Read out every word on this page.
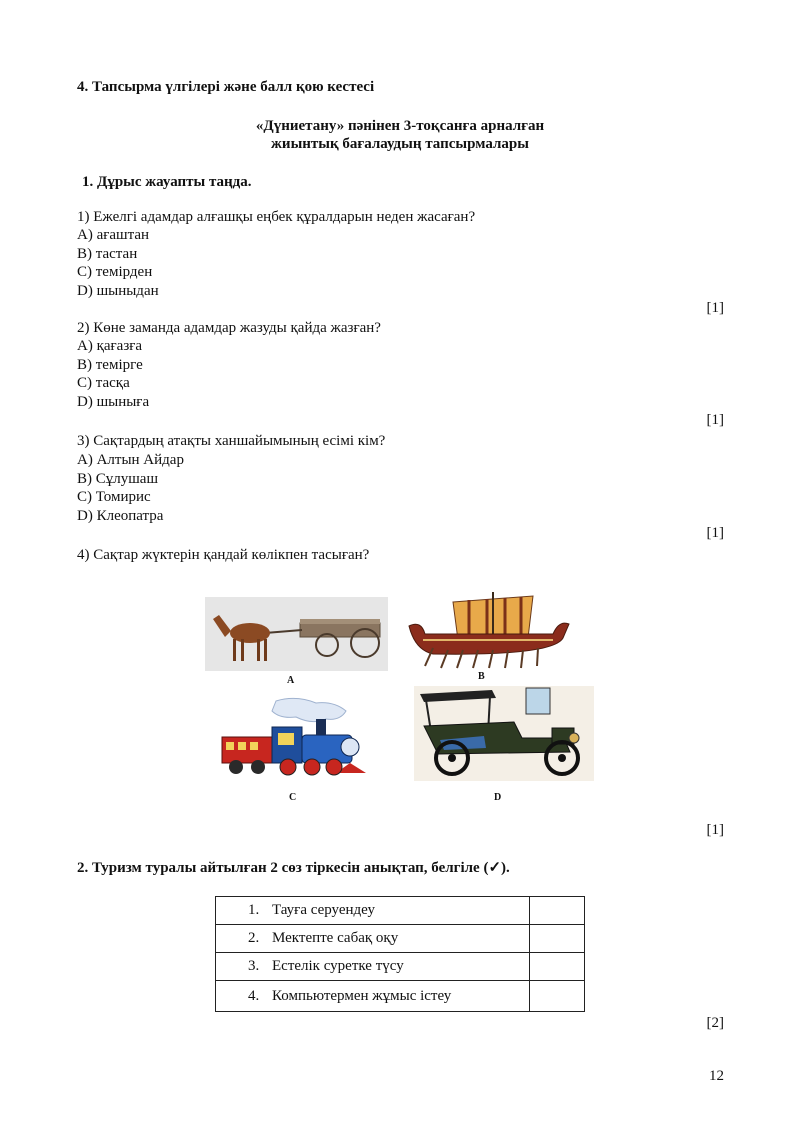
4. Тапсырма үлгілері және балл қою кестесі
«Дүниетану» пәнінен 3-тоқсанға арналған
жиынтық бағалаудың тапсырмалары
1. Дұрыс жауапты таңда.
1) Ежелгі адамдар алғашқы еңбек құралдарын неден жасаған?
A) ағаштан
B) тастан
C) темірден
D) шыныдан
[1]
2) Көне заманда адамдар жазуды қайда жазған?
A) қағазға
B) темірге
C) тасқа
D) шыныға
[1]
3) Сақтардың атақты ханшайымының есімі кім?
A) Алтын Айдар
B) Сұлушаш
C) Томирис
D) Клеопатра
[1]
4) Сақтар жүктерін қандай көлікпен тасыған?
A	B
C	D
[1]
2. Туризм туралы айтылған 2 сөз тіркесін анықтап, белгіле (✓).
1. Тауға серуендеу	
2. Мектепте сабақ оқу	
3. Естелік суретке түсу	
4. Компьютермен жұмыс істеу	
[2]
12
